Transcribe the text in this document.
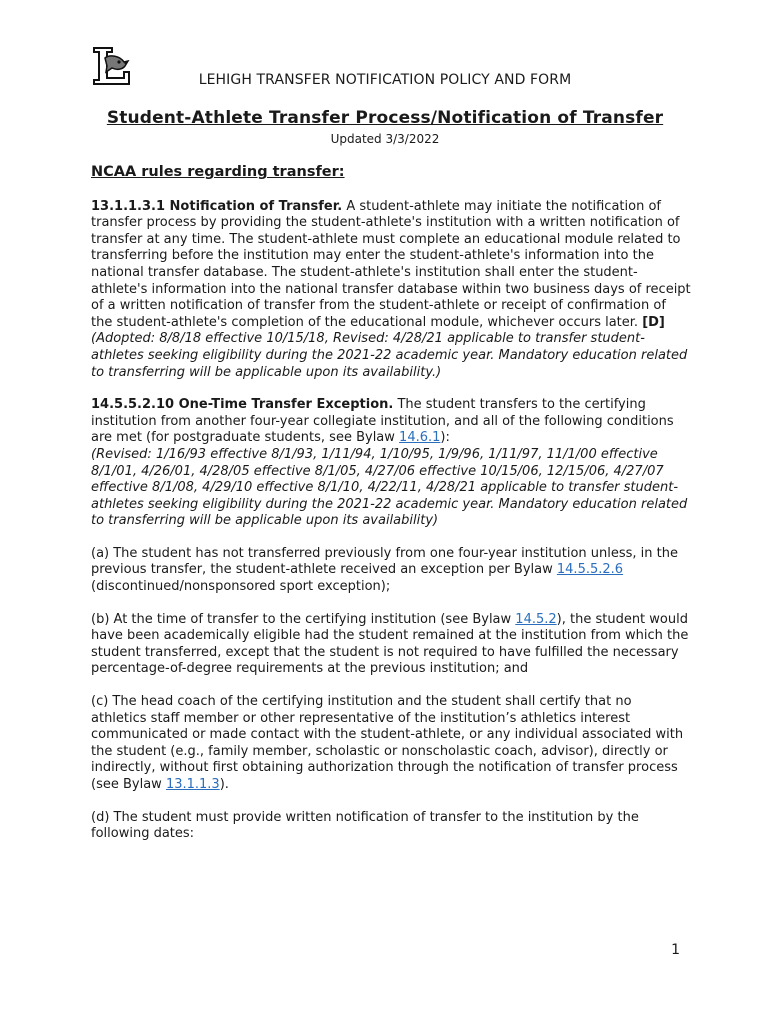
LEHIGH TRANSFER NOTIFICATION POLICY AND FORM
Student-Athlete Transfer Process/Notification of Transfer
Updated 3/3/2022
NCAA rules regarding transfer:

13.1.1.3.1 Notification of Transfer. A student-athlete may initiate the notification of transfer process by providing the student-athlete's institution with a written notification of transfer at any time. The student-athlete must complete an educational module related to transferring before the institution may enter the student-athlete's information into the national transfer database. The student-athlete's institution shall enter the student-athlete's information into the national transfer database within two business days of receipt of a written notification of transfer from the student-athlete or receipt of confirmation of the student-athlete's completion of the educational module, whichever occurs later. [D] (Adopted: 8/8/18 effective 10/15/18, Revised: 4/28/21 applicable to transfer student-athletes seeking eligibility during the 2021-22 academic year. Mandatory education related to transferring will be applicable upon its availability.)

14.5.5.2.10 One-Time Transfer Exception. The student transfers to the certifying institution from another four-year collegiate institution, and all of the following conditions are met (for postgraduate students, see Bylaw 14.6.1):
(Revised: 1/16/93 effective 8/1/93, 1/11/94, 1/10/95, 1/9/96, 1/11/97, 11/1/00 effective 8/1/01, 4/26/01, 4/28/05 effective 8/1/05, 4/27/06 effective 10/15/06, 12/15/06, 4/27/07 effective 8/1/08, 4/29/10 effective 8/1/10, 4/22/11, 4/28/21 applicable to transfer student-athletes seeking eligibility during the 2021-22 academic year. Mandatory education related to transferring will be applicable upon its availability)

(a) The student has not transferred previously from one four-year institution unless, in the previous transfer, the student-athlete received an exception per Bylaw 14.5.5.2.6 (discontinued/nonsponsored sport exception);

(b) At the time of transfer to the certifying institution (see Bylaw 14.5.2), the student would have been academically eligible had the student remained at the institution from which the student transferred, except that the student is not required to have fulfilled the necessary percentage-of-degree requirements at the previous institution; and

(c) The head coach of the certifying institution and the student shall certify that no athletics staff member or other representative of the institution’s athletics interest communicated or made contact with the student-athlete, or any individual associated with the student (e.g., family member, scholastic or nonscholastic coach, advisor), directly or indirectly, without first obtaining authorization through the notification of transfer process (see Bylaw 13.1.1.3).

(d) The student must provide written notification of transfer to the institution by the following dates:

1
